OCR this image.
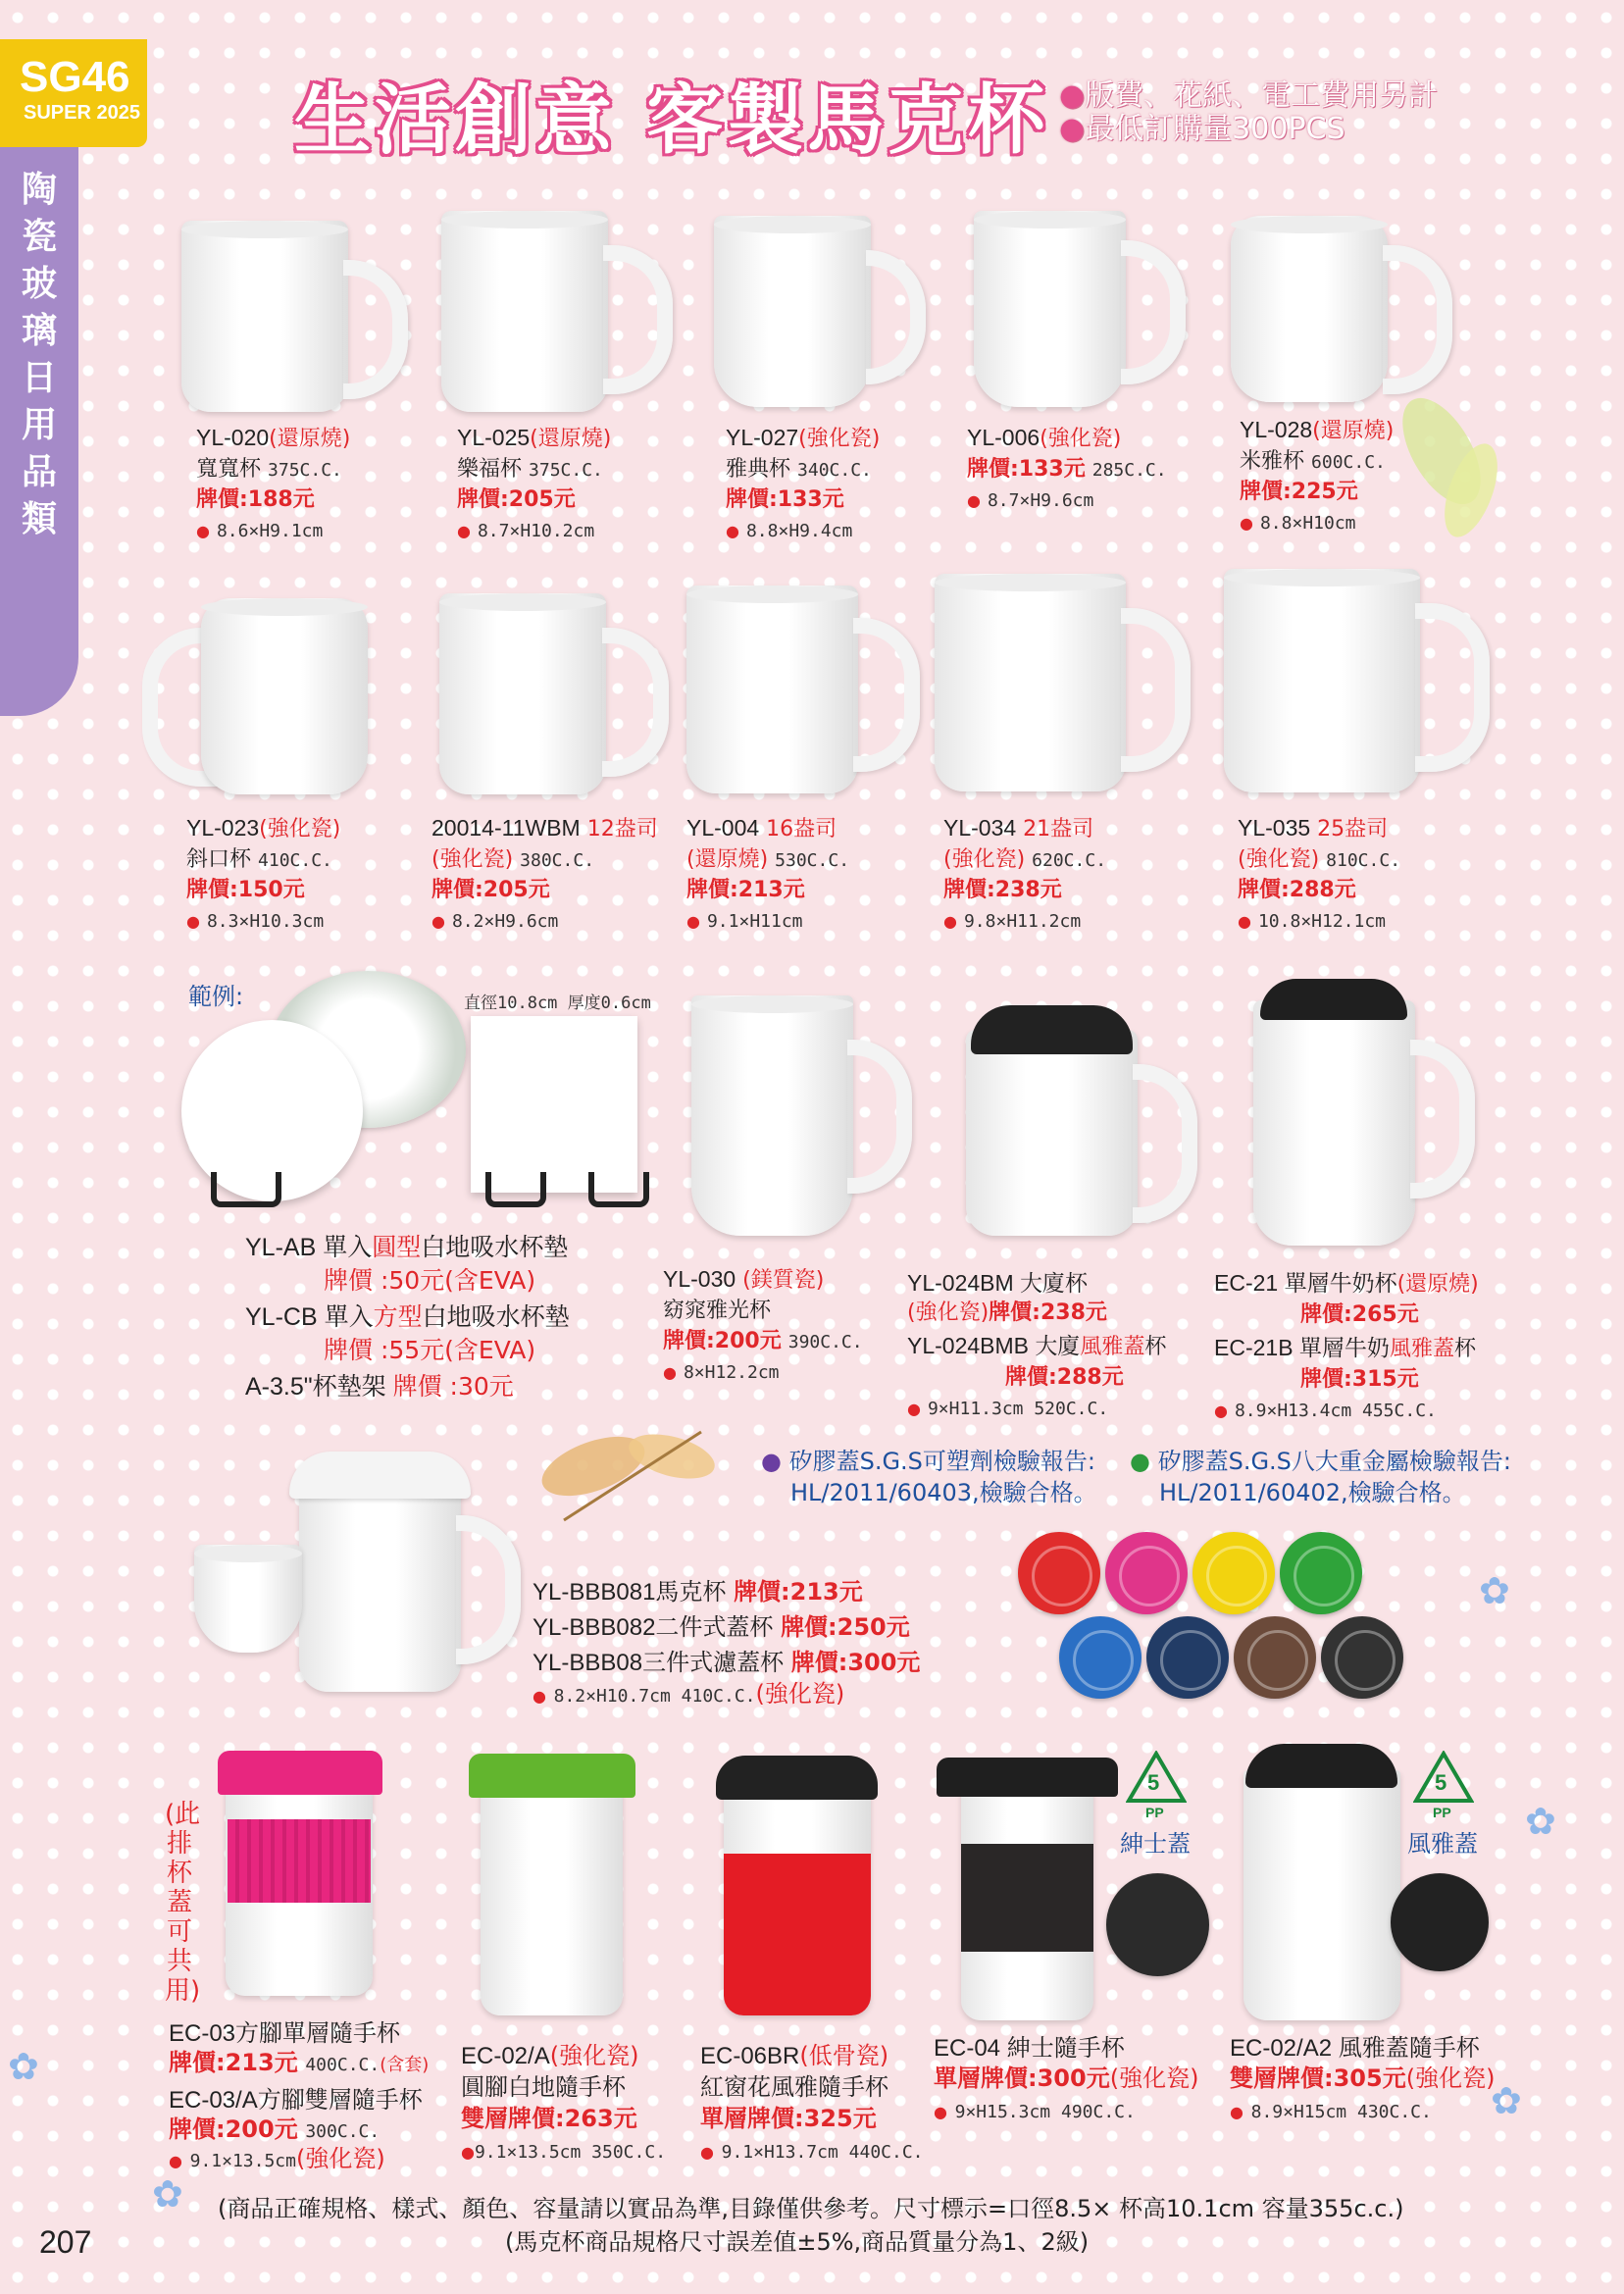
SG46
SUPER 2025
陶瓷玻璃日用品類
生活創意 客製馬克杯 ●版費、花紙、電工費用另計
●最低訂購量300PCS
YL-020(還原燒)
寬寬杯 375C.C.
牌價:188元
● 8.6×H9.1cm
YL-025(還原燒)
樂福杯 375C.C.
牌價:205元
● 8.7×H10.2cm
YL-027(強化瓷)
雅典杯 340C.C.
牌價:133元
● 8.8×H9.4cm
YL-006(強化瓷)
牌價:133元 285C.C.
● 8.7×H9.6cm
YL-028(還原燒)
米雅杯 600C.C.
牌價:225元
● 8.8×H10cm
YL-023(強化瓷)
斜口杯 410C.C.
牌價:150元
● 8.3×H10.3cm
20014-11WBM 12盎司
(強化瓷) 380C.C.
牌價:205元
● 8.2×H9.6cm
YL-004 16盎司
(還原燒) 530C.C.
牌價:213元
● 9.1×H11cm
YL-034 21盎司
(強化瓷) 620C.C.
牌價:238元
● 9.8×H11.2cm
YL-035 25盎司
(強化瓷) 810C.C.
牌價:288元
● 10.8×H12.1cm
範例:	直徑10.8cm 厚度0.6cm
YL-AB 單入圓型白地吸水杯墊
牌價 :50元(含EVA)
YL-CB 單入方型白地吸水杯墊
牌價 :55元(含EVA)
A-3.5"杯墊架 牌價 :30元
YL-030 (鎂質瓷)
窈窕雅光杯
牌價:200元 390C.C.
● 8×H12.2cm
YL-024BM 大廈杯
(強化瓷)牌價:238元
YL-024BMB 大廈風雅蓋杯
牌價:288元
● 9×H11.3cm 520C.C.
EC-21 單層牛奶杯(還原燒)
牌價:265元
EC-21B 單層牛奶風雅蓋杯
牌價:315元
● 8.9×H13.4cm 455C.C.
● 矽膠蓋S.G.S可塑劑檢驗報告:
HL/2011/60403,檢驗合格。
● 矽膠蓋S.G.S八大重金屬檢驗報告:
HL/2011/60402,檢驗合格。
YL-BBB081馬克杯 牌價:213元
YL-BBB082二件式蓋杯 牌價:250元
YL-BBB08三件式濾蓋杯 牌價:300元
● 8.2×H10.7cm 410C.C.(強化瓷)
(此排杯蓋可共用)
5
PP
紳士蓋
5
PP
風雅蓋
EC-03方腳單層隨手杯
牌價:213元 400C.C.(含套)
EC-03/A方腳雙層隨手杯
牌價:200元 300C.C.
● 9.1×13.5cm(強化瓷)
EC-02/A(強化瓷)
圓腳白地隨手杯
雙層牌價:263元
●9.1×13.5cm 350C.C.
EC-06BR(低骨瓷)
紅窗花風雅隨手杯
單層牌價:325元
● 9.1×H13.7cm 440C.C.
EC-04 紳士隨手杯
單層牌價:300元(強化瓷)
● 9×H15.3cm 490C.C.
EC-02/A2 風雅蓋隨手杯
雙層牌價:305元(強化瓷)
● 8.9×H15cm 430C.C.
✿
✿
✿
✿
✿ (商品正確規格、樣式、顏色、容量請以實品為準,目錄僅供參考。尺寸標示=口徑8.5× 杯高10.1cm 容量355c.c.)
(馬克杯商品規格尺寸誤差值±5%,商品質量分為1、2級)
207
